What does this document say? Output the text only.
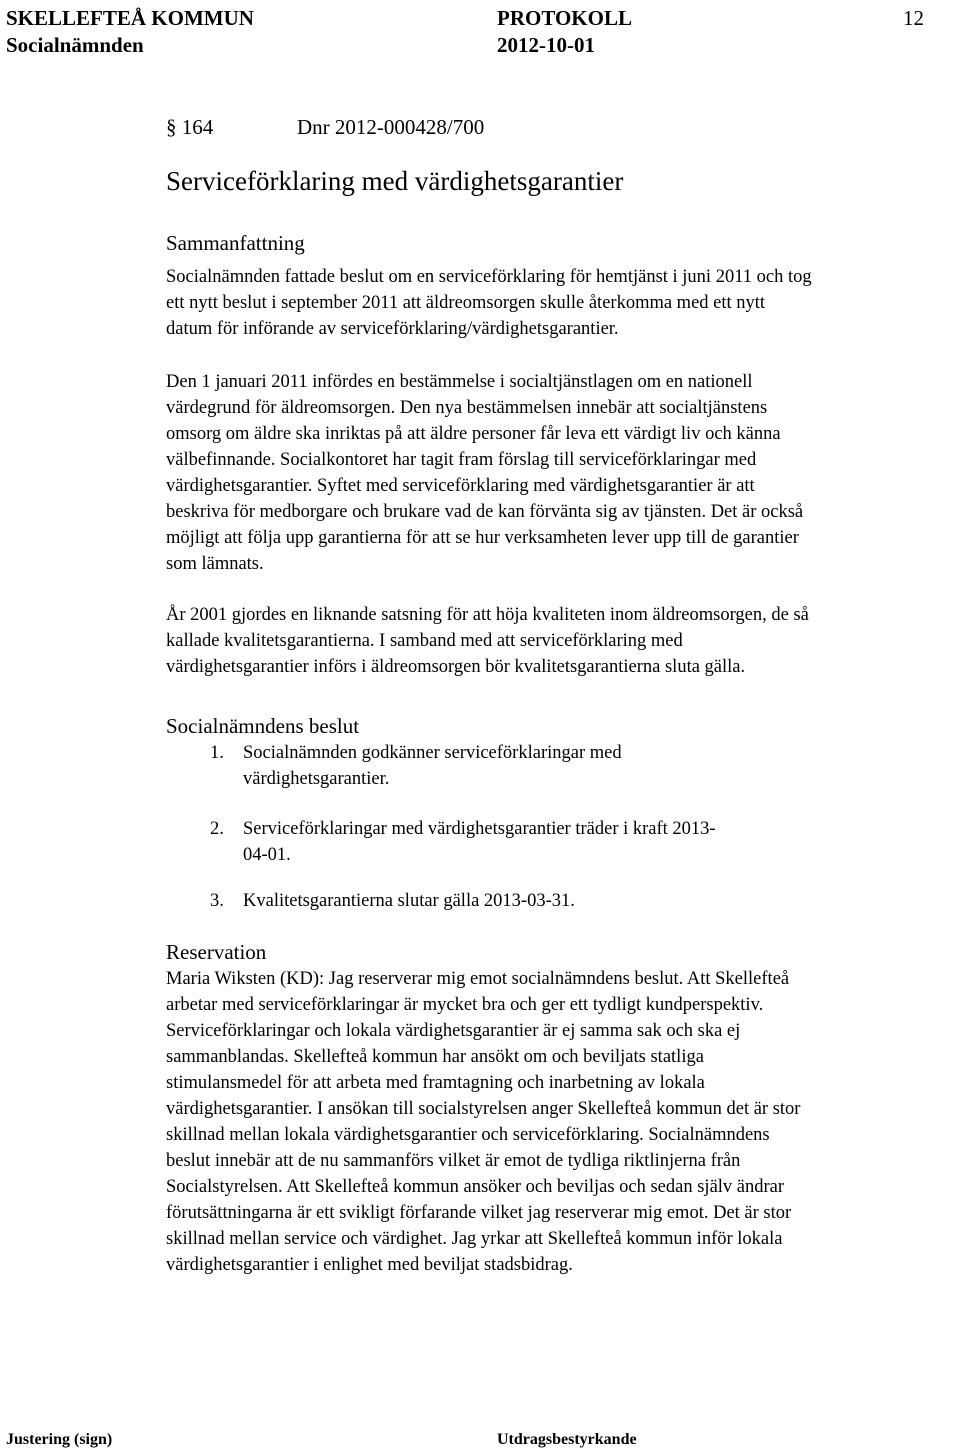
SKELLEFTEÅ KOMMUN	PROTOKOLL	12
Socialnämnden	2012-10-01
§ 164	Dnr 2012-000428/700
Serviceförklaring med värdighetsgarantier
Sammanfattning
Socialnämnden fattade beslut om en serviceförklaring för hemtjänst i juni 2011 och tog
ett nytt beslut i september 2011 att äldreomsorgen skulle återkomma med ett nytt
datum för införande av serviceförklaring/värdighetsgarantier.
Den 1 januari 2011 infördes en bestämmelse i socialtjänstlagen om en nationell
värdegrund för äldreomsorgen. Den nya bestämmelsen innebär att socialtjänstens
omsorg om äldre ska inriktas på att äldre personer får leva ett värdigt liv och känna
välbefinnande. Socialkontoret har tagit fram förslag till serviceförklaringar med
värdighetsgarantier. Syftet med serviceförklaring med värdighetsgarantier är att
beskriva för medborgare och brukare vad de kan förvänta sig av tjänsten. Det är också
möjligt att följa upp garantierna för att se hur verksamheten lever upp till de garantier
som lämnats.
År 2001 gjordes en liknande satsning för att höja kvaliteten inom äldreomsorgen, de så
kallade kvalitetsgarantierna. I samband med att serviceförklaring med
värdighetsgarantier införs i äldreomsorgen bör kvalitetsgarantierna sluta gälla.
Socialnämndens beslut
1. Socialnämnden godkänner serviceförklaringar med
värdighetsgarantier.
2. Serviceförklaringar med värdighetsgarantier träder i kraft 2013-
04-01.
3. Kvalitetsgarantierna slutar gälla 2013-03-31.
Reservation
Maria Wiksten (KD): Jag reserverar mig emot socialnämndens beslut. Att Skellefteå
arbetar med serviceförklaringar är mycket bra och ger ett tydligt kundperspektiv.
Serviceförklaringar och lokala värdighetsgarantier är ej samma sak och ska ej
sammanblandas. Skellefteå kommun har ansökt om och beviljats statliga
stimulansmedel för att arbeta med framtagning och inarbetning av lokala
värdighetsgarantier. I ansökan till socialstyrelsen anger Skellefteå kommun det är stor
skillnad mellan lokala värdighetsgarantier och serviceförklaring. Socialnämndens
beslut innebär att de nu sammanförs vilket är emot de tydliga riktlinjerna från
Socialstyrelsen. Att Skellefteå kommun ansöker och beviljas och sedan själv ändrar
förutsättningarna är ett svikligt förfarande vilket jag reserverar mig emot. Det är stor
skillnad mellan service och värdighet. Jag yrkar att Skellefteå kommun inför lokala
värdighetsgarantier i enlighet med beviljat stadsbidrag.
Justering (sign)	Utdragsbestyrkande
